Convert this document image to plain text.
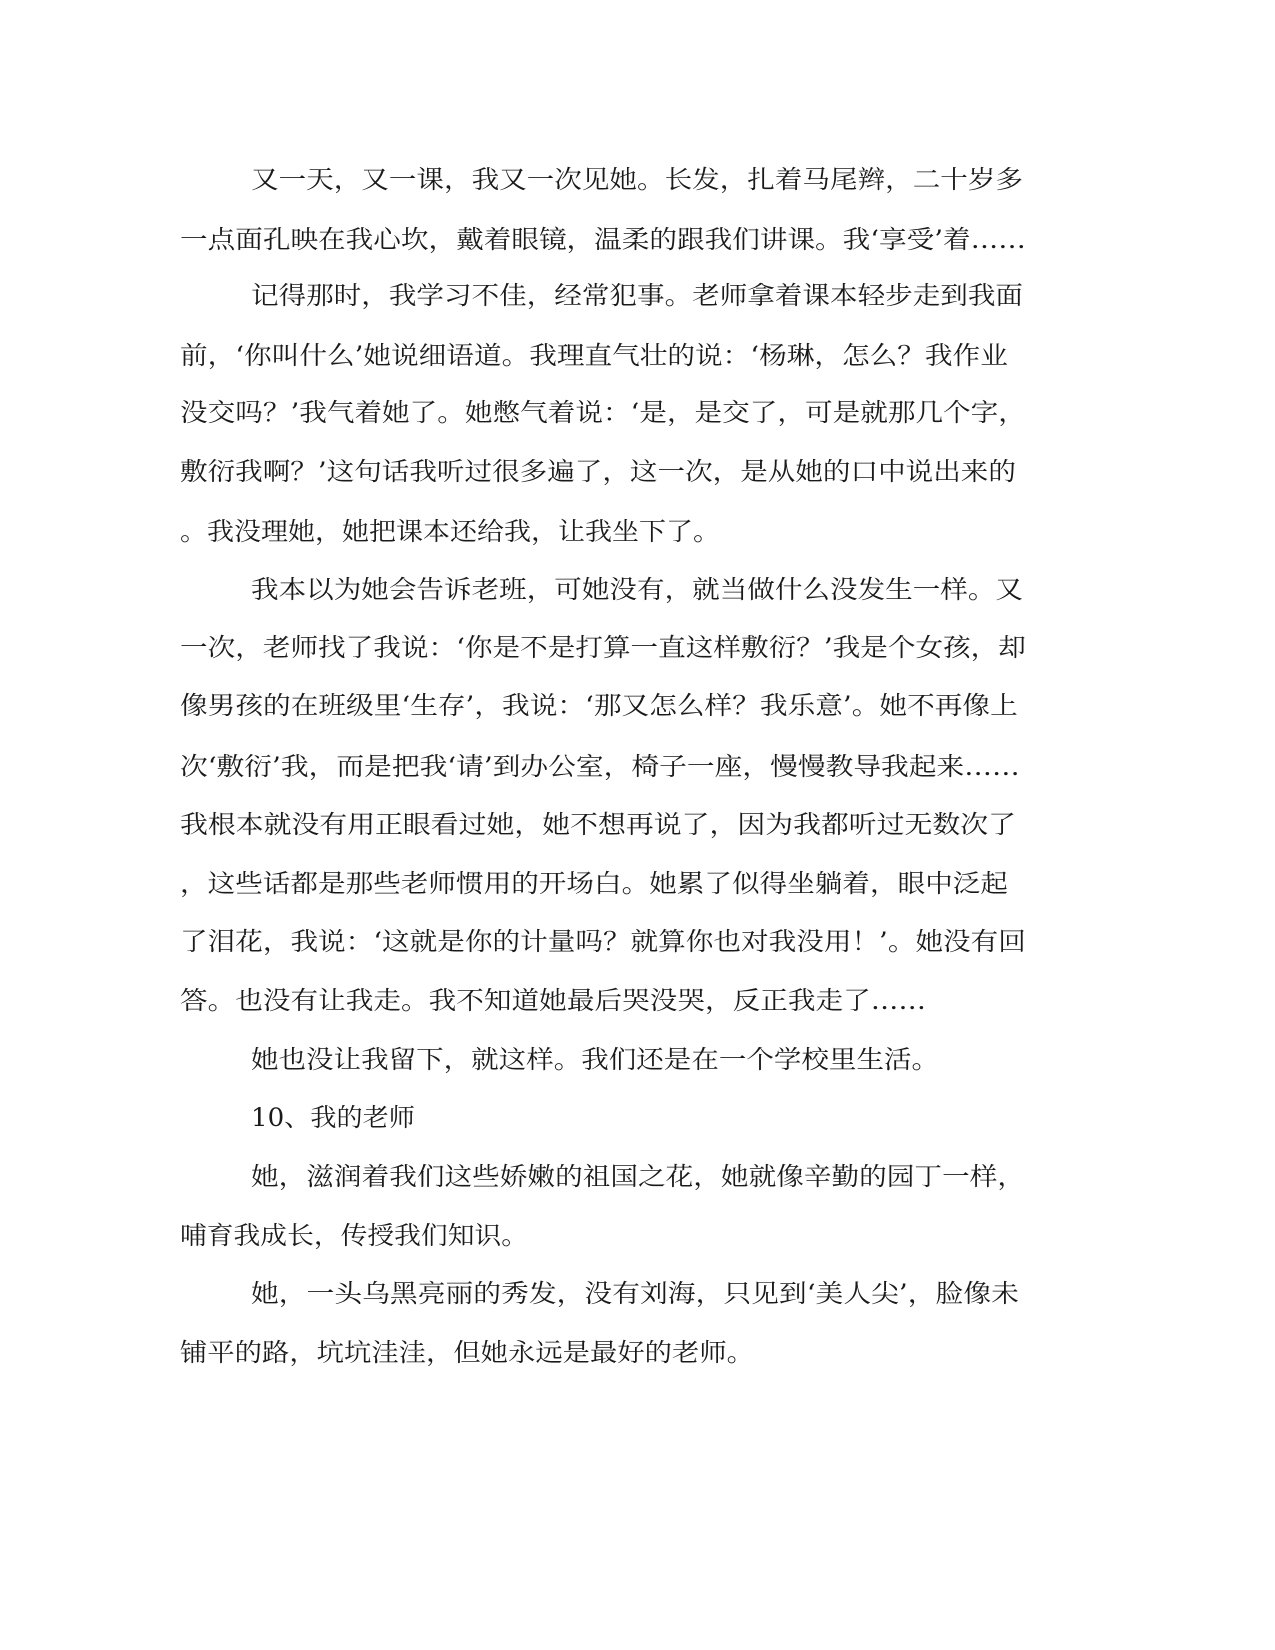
又一天，又一课，我又一次见她。长发，扎着马尾辫，二十岁多

一点面孔映在我心坎，戴着眼镜，温柔的跟我们讲课。我‘享受’着……

记得那时，我学习不佳，经常犯事。老师拿着课本轻步走到我面

前，‘你叫什么’她说细语道。我理直气壮的说：‘杨琳，怎么？我作业

没交吗？’我气着她了。她憋气着说：‘是，是交了，可是就那几个字，

敷衍我啊？’这句话我听过很多遍了，这一次，是从她的口中说出来的

。我没理她，她把课本还给我，让我坐下了。

我本以为她会告诉老班，可她没有，就当做什么没发生一样。又

一次，老师找了我说：‘你是不是打算一直这样敷衍？’我是个女孩，却

像男孩的在班级里‘生存’，我说：‘那又怎么样？我乐意’。她不再像上

次‘敷衍’我，而是把我‘请’到办公室，椅子一座，慢慢教导我起来……

我根本就没有用正眼看过她，她不想再说了，因为我都听过无数次了

，这些话都是那些老师惯用的开场白。她累了似得坐躺着，眼中泛起

了泪花，我说：‘这就是你的计量吗？就算你也对我没用！’。她没有回

答。也没有让我走。我不知道她最后哭没哭，反正我走了……

她也没让我留下，就这样。我们还是在一个学校里生活。

10、我的老师

她，滋润着我们这些娇嫩的祖国之花，她就像辛勤的园丁一样，

哺育我成长，传授我们知识。

她，一头乌黑亮丽的秀发，没有刘海，只见到‘美人尖’，脸像未

铺平的路，坑坑洼洼，但她永远是最好的老师。
